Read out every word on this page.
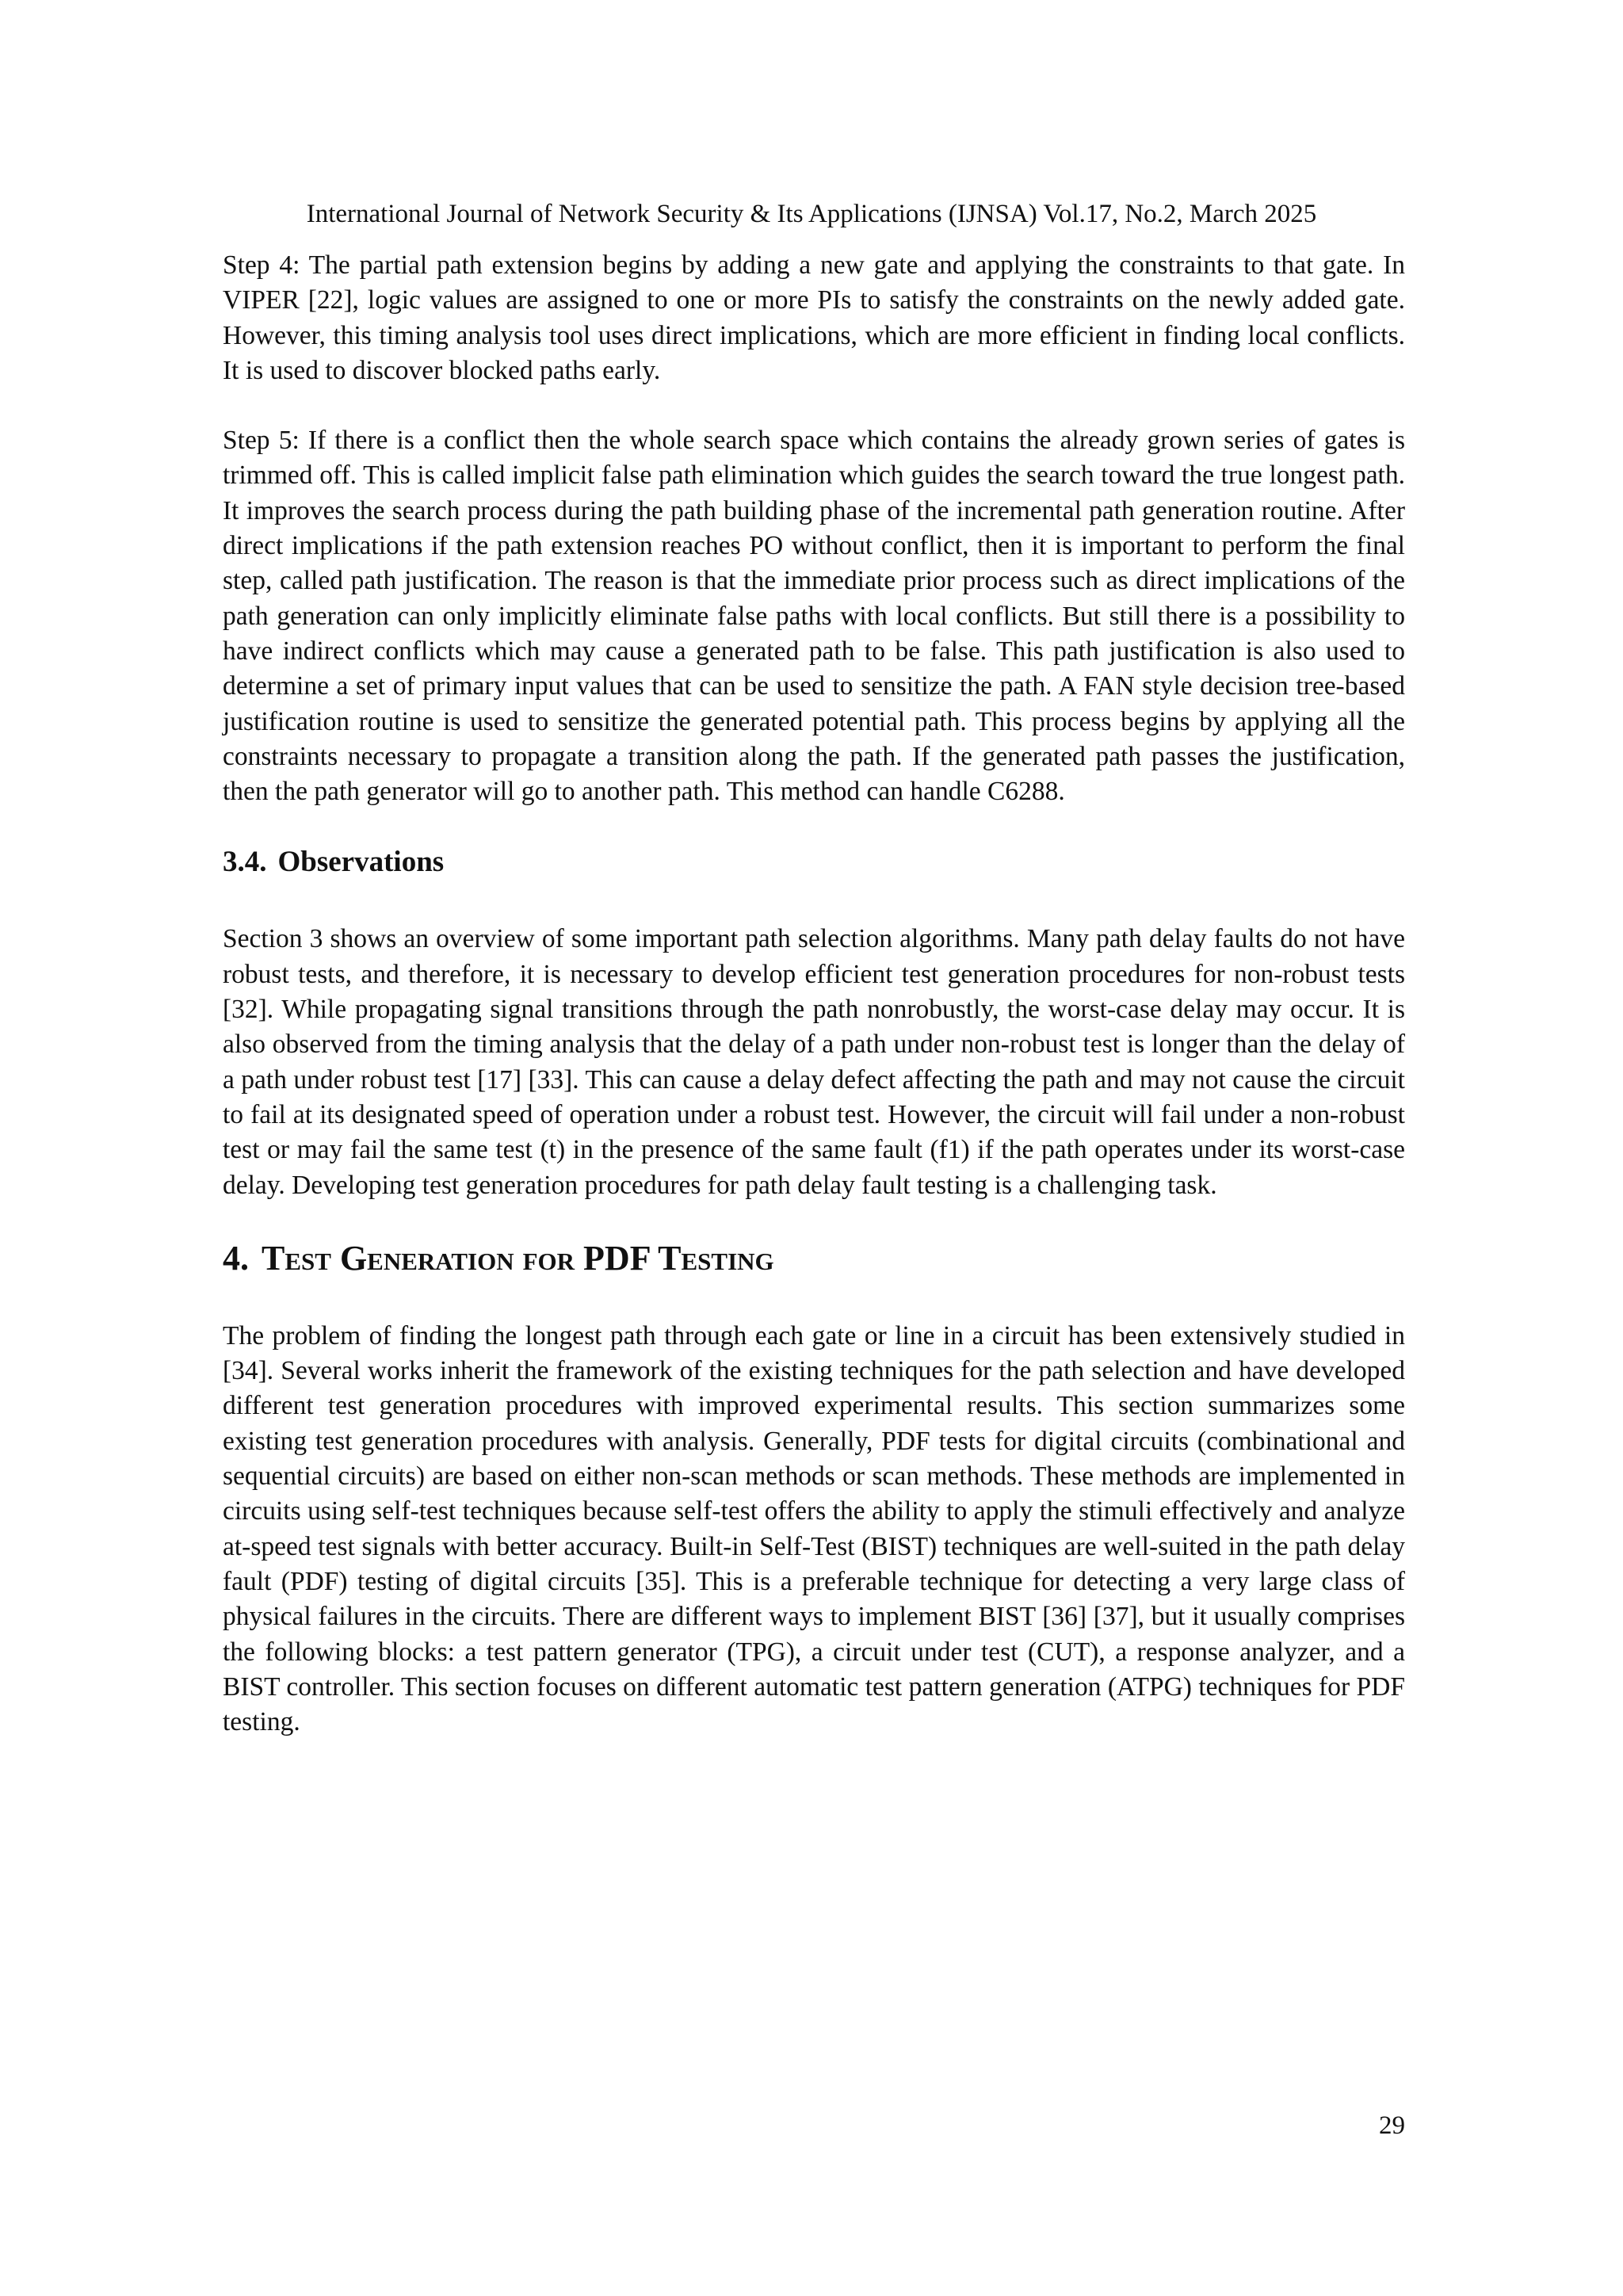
International Journal of Network Security & Its Applications (IJNSA) Vol.17, No.2, March 2025

Step 4: The partial path extension begins by adding a new gate and applying the constraints to that gate. In VIPER [22], logic values are assigned to one or more PIs to satisfy the constraints on the newly added gate. However, this timing analysis tool uses direct implications, which are more efficient in finding local conflicts. It is used to discover blocked paths early.

Step 5: If there is a conflict then the whole search space which contains the already grown series of gates is trimmed off. This is called implicit false path elimination which guides the search toward the true longest path. It improves the search process during the path building phase of the incremental path generation routine. After direct implications if the path extension reaches PO without conflict, then it is important to perform the final step, called path justification. The reason is that the immediate prior process such as direct implications of the path generation can only implicitly eliminate false paths with local conflicts. But still there is a possibility to have indirect conflicts which may cause a generated path to be false. This path justification is also used to determine a set of primary input values that can be used to sensitize the path. A FAN style decision tree-based justification routine is used to sensitize the generated potential path. This process begins by applying all the constraints necessary to propagate a transition along the path. If the generated path passes the justification, then the path generator will go to another path. This method can handle C6288.

3.4. Observations

Section 3 shows an overview of some important path selection algorithms. Many path delay faults do not have robust tests, and therefore, it is necessary to develop efficient test generation procedures for non-robust tests [32]. While propagating signal transitions through the path nonrobustly, the worst-case delay may occur. It is also observed from the timing analysis that the delay of a path under non-robust test is longer than the delay of a path under robust test [17] [33]. This can cause a delay defect affecting the path and may not cause the circuit to fail at its designated speed of operation under a robust test. However, the circuit will fail under a non-robust test or may fail the same test (t) in the presence of the same fault (f1) if the path operates under its worst-case delay. Developing test generation procedures for path delay fault testing is a challenging task.

4. Test Generation for PDF Testing

The problem of finding the longest path through each gate or line in a circuit has been extensively studied in [34]. Several works inherit the framework of the existing techniques for the path selection and have developed different test generation procedures with improved experimental results. This section summarizes some existing test generation procedures with analysis. Generally, PDF tests for digital circuits (combinational and sequential circuits) are based on either non-scan methods or scan methods. These methods are implemented in circuits using self-test techniques because self-test offers the ability to apply the stimuli effectively and analyze at-speed test signals with better accuracy. Built-in Self-Test (BIST) techniques are well-suited in the path delay fault (PDF) testing of digital circuits [35]. This is a preferable technique for detecting a very large class of physical failures in the circuits. There are different ways to implement BIST [36] [37], but it usually comprises the following blocks: a test pattern generator (TPG), a circuit under test (CUT), a response analyzer, and a BIST controller. This section focuses on different automatic test pattern generation (ATPG) techniques for PDF testing.

29
